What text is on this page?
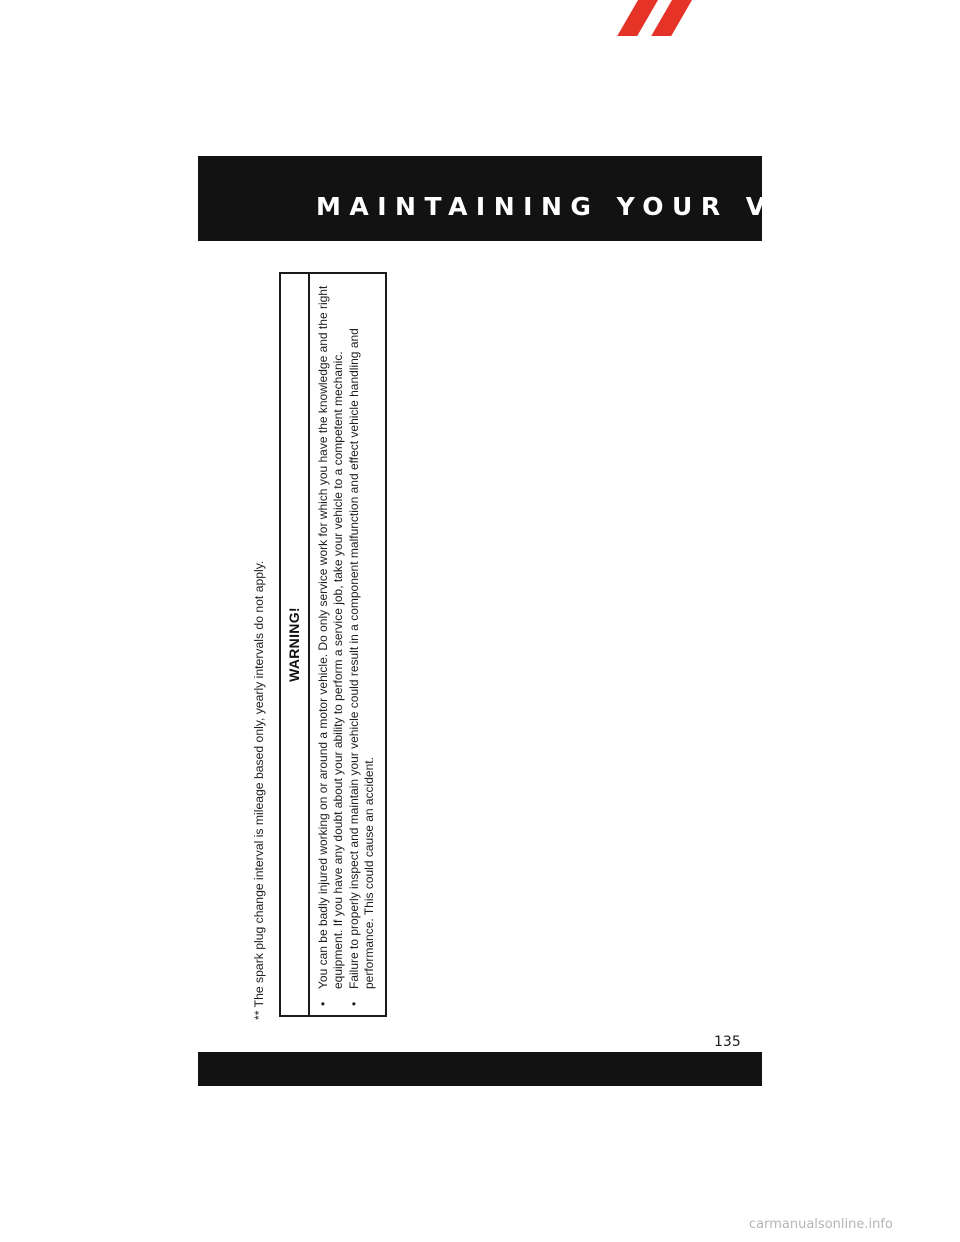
MAINTAINING YOUR VEHICLE
** The spark plug change interval is mileage based only, yearly intervals do not apply.	WARNING!
•
You can be badly injured working on or around a motor vehicle. Do only service work for which you have the knowledge and the right equipment. If you have any doubt about your ability to perform a service job, take your vehicle to a competent mechanic.
•
Failure to properly inspect and maintain your vehicle could result in a component malfunction and effect vehicle handling and performance. This could cause an accident.
135
carmanualsonline.info
